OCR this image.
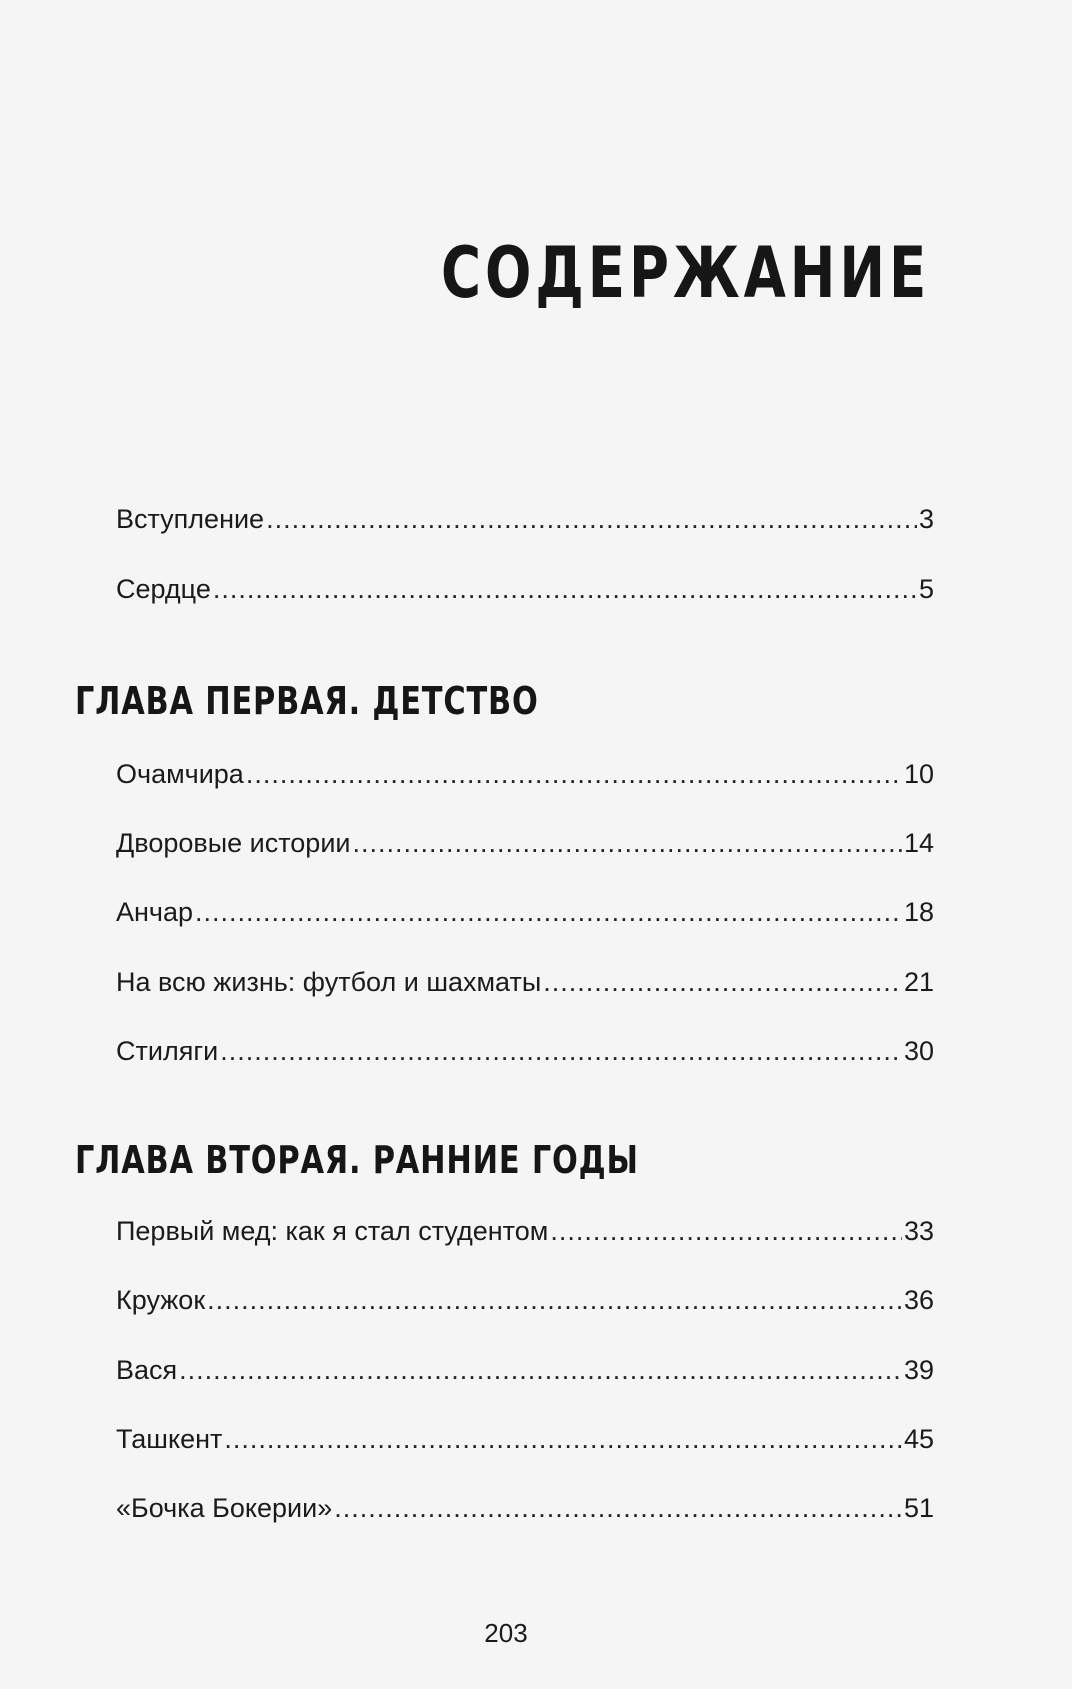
СОДЕРЖАНИЕ
Вступление .....	3
Сердце .....	5
ГЛАВА ПЕРВАЯ. ДЕТСТВО
Очамчира .....	10
Дворовые истории .....	14
Анчар .....	18
На всю жизнь: футбол и шахматы .....	21
Стиляги .....	30
ГЛАВА ВТОРАЯ. РАННИЕ ГОДЫ
Первый мед: как я стал студентом .....	33
Кружок .....	36
Вася .....	39
Ташкент .....	45
«Бочка Бокерии» .....	51
203
